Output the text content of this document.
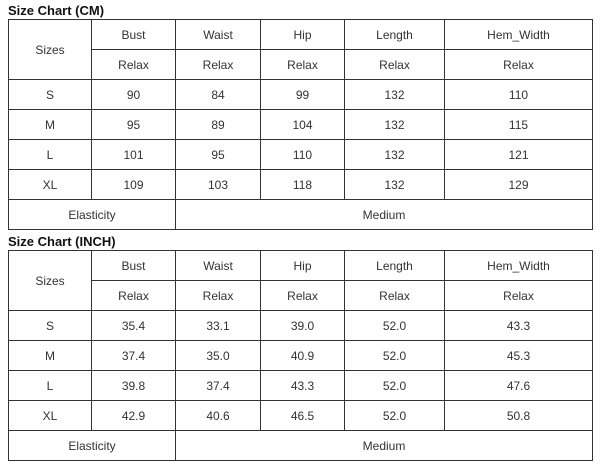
Size Chart (CM)
Sizes	Bust	Waist	Hip	Length	Hem_Width
	Relax	Relax	Relax	Relax	Relax
S	90	84	99	132	110
M	95	89	104	132	115
L	101	95	110	132	121
XL	109	103	118	132	129
Elasticity		Medium			
Size Chart (INCH)
Sizes	Bust	Waist	Hip	Length	Hem_Width
	Relax	Relax	Relax	Relax	Relax
S	35.4	33.1	39.0	52.0	43.3
M	37.4	35.0	40.9	52.0	45.3
L	39.8	37.4	43.3	52.0	47.6
XL	42.9	40.6	46.5	52.0	50.8
Elasticity		Medium			
